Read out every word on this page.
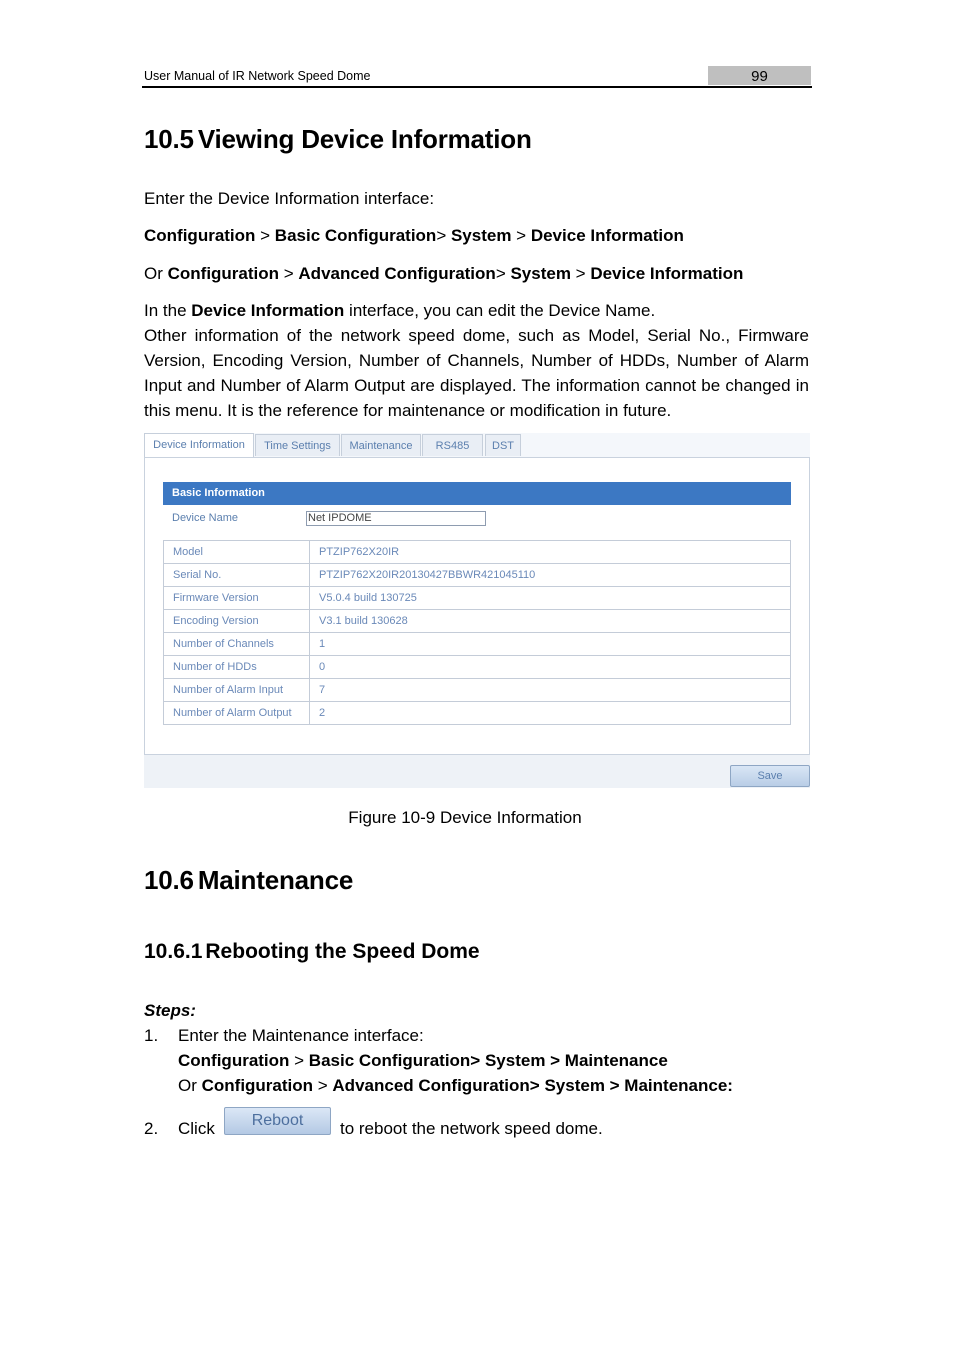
User Manual of IR Network Speed Dome	99
10.5 Viewing Device Information
Enter the Device Information interface:
Configuration > Basic Configuration> System > Device Information
Or Configuration > Advanced Configuration> System > Device Information
In the Device Information interface, you can edit the Device Name.
Other information of the network speed dome, such as Model, Serial No., Firmware Version, Encoding Version, Number of Channels, Number of HDDs, Number of Alarm Input and Number of Alarm Output are displayed. The information cannot be changed in this menu. It is the reference for maintenance or modification in future.
Device Information	Time Settings	Maintenance	RS485	DST
Basic Information
Device Name	Net IPDOME
Model	PTZIP762X20IR
Serial No.	PTZIP762X20IR20130427BBWR421045110
Firmware Version	V5.0.4 build 130725
Encoding Version	V3.1 build 130628
Number of Channels	1
Number of HDDs	0
Number of Alarm Input	7
Number of Alarm Output	2
Save
Figure 10-9 Device Information
10.6 Maintenance
10.6.1 Rebooting the Speed Dome
Steps:
1. Enter the Maintenance interface:
Configuration > Basic Configuration> System > Maintenance
Or Configuration > Advanced Configuration> System > Maintenance:
2. Click	Reboot	to reboot the network speed dome.
